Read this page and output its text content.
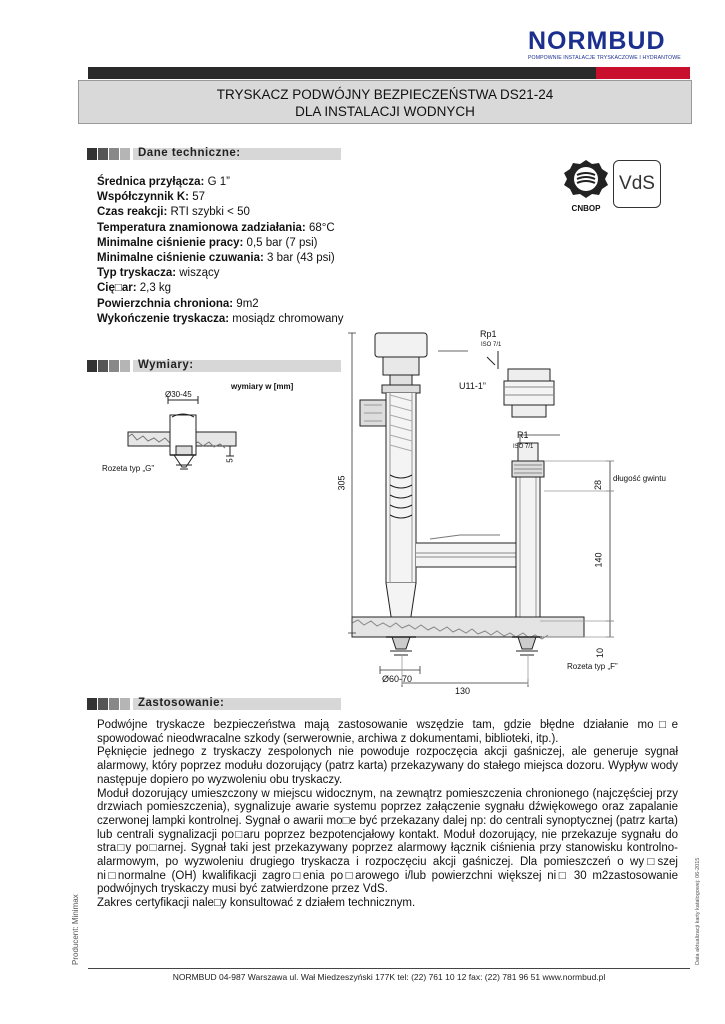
NORMBUD
POMPOWNIE INSTALACJE TRYSKACZOWE I HYDRANTOWE
TRYSKACZ PODWÓJNY BEZPIECZEŃSTWA DS21-24
DLA INSTALACJI WODNYCH
Dane techniczne:
Średnica przyłącza: G 1”
Współczynnik K: 57
Czas reakcji: RTI szybki < 50
Temperatura znamionowa zadziałania: 68°C
Minimalne ciśnienie pracy: 0,5 bar (7 psi)
Minimalne ciśnienie czuwania: 3 bar (43 psi)
Typ tryskacza: wiszący
Cię□ar: 2,3 kg
Powierzchnia chroniona: 9m2
Wykończenie tryskacza: mosiądz chromowany
CNBOP
VdS
Wymiary:
wymiary w [mm]
Ø30-45
Rozeta typ „G”
5
Rp1
ISO 7/1
U11-1”
R1
ISO 7/1
305	28
długość gwintu
140
10
Rozeta typ „F”
Ø60-70
130
Zastosowanie:

Podwójne tryskacze bezpieczeństwa mają zastosowanie wszędzie tam, gdzie błędne działanie mo□e spowodować nieodwracalne szkody (serwerownie, archiwa z dokumentami, biblioteki, itp.).

Pęknięcie jednego z tryskaczy zespolonych nie powoduje rozpoczęcia akcji gaśniczej, ale generuje sygnał alarmowy, który poprzez modułu dozorujący (patrz karta) przekazywany do stałego miejsca dozoru. Wypływ wody następuje dopiero po wyzwoleniu obu tryskaczy.

Moduł dozorujący umieszczony w miejscu widocznym, na zewnątrz pomieszczenia chronionego (najczęściej przy drzwiach pomieszczenia), sygnalizuje awarie systemu poprzez załączenie sygnału dźwiękowego oraz zapalanie czerwonej lampki kontrolnej. Sygnał o awarii mo□e być przekazany dalej np: do centrali synoptycznej (patrz karta) lub centrali sygnalizacji po□aru poprzez bezpotencjałowy kontakt. Moduł dozorujący, nie przekazuje sygnału do stra□y po□arnej. Sygnał taki jest przekazywany poprzez alarmowy łącznik ciśnienia przy stanowisku kontrolno-alarmowym, po wyzwoleniu drugiego tryskacza i rozpoczęciu akcji gaśniczej. Dla pomieszczeń o wy□szej ni□normalne (OH) kwalifikacji zagro□enia po□arowego i/lub powierzchni większej ni□ 30 m2zastosowanie podwójnych tryskaczy musi być zatwierdzone przez VdS.

Zakres certyfikacji nale□y konsultować z działem technicznym.

Producent: Minimax	Data aktualizacji karty katalogowej: 06-2015
NORMBUD 04-987 Warszawa ul. Wał Miedzeszyński 177K tel: (22) 761 10 12 fax: (22) 781 96 51 www.normbud.pl
